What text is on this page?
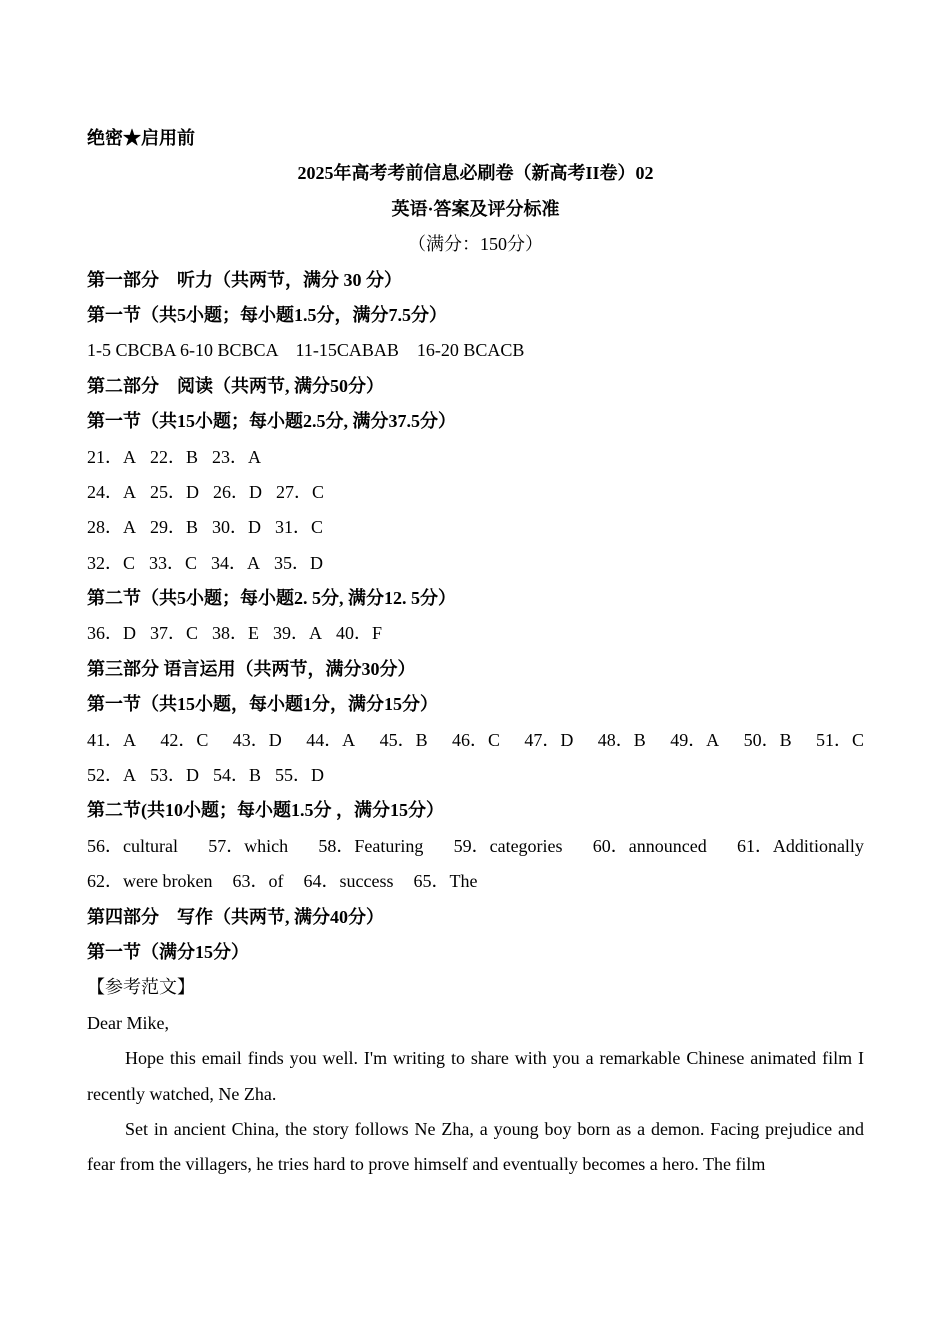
绝密★启用前
2025年高考考前信息必刷卷（新高考II卷）02
英语·答案及评分标准
（满分：150分）
第一部分　听力（共两节，满分 30 分）
第一节（共5小题；每小题1.5分，满分7.5分）
1-5 CBCBA 6-10 BCBCA　11-15CABAB　16-20 BCACB
第二部分　阅读（共两节, 满分50分）
第一节（共15小题；每小题2.5分, 满分37.5分）
21．A 22．B 23．A
24．A 25．D 26．D 27．C
28．A 29．B 30．D 31．C
32．C 33．C 34．A 35．D
第二节（共5小题；每小题2. 5分, 满分12. 5分）
36．D 37．C 38．E 39．A 40．F
第三部分 语言运用（共两节，满分30分）
第一节（共15小题，每小题1分，满分15分）
41．A 42．C 43．D 44．A 45．B 46．C 47．D 48．B 49．A 50．B 51．C
52．A 53．D 54．B 55．D
第二节(共10小题；每小题1.5分 ，满分15分）
56．cultural 57．which 58．Featuring 59．categories 60．announced 61．Additionally
62．were broken 63．of 64．success 65．The
第四部分　写作（共两节, 满分40分）
第一节（满分15分）
【参考范文】
Dear Mike,
Hope this email finds you well. I'm writing to share with you a remarkable Chinese animated film I recently watched, Ne Zha.
Set in ancient China, the story follows Ne Zha, a young boy born as a demon. Facing prejudice and fear from the villagers, he tries hard to prove himself and eventually becomes a hero. The film
